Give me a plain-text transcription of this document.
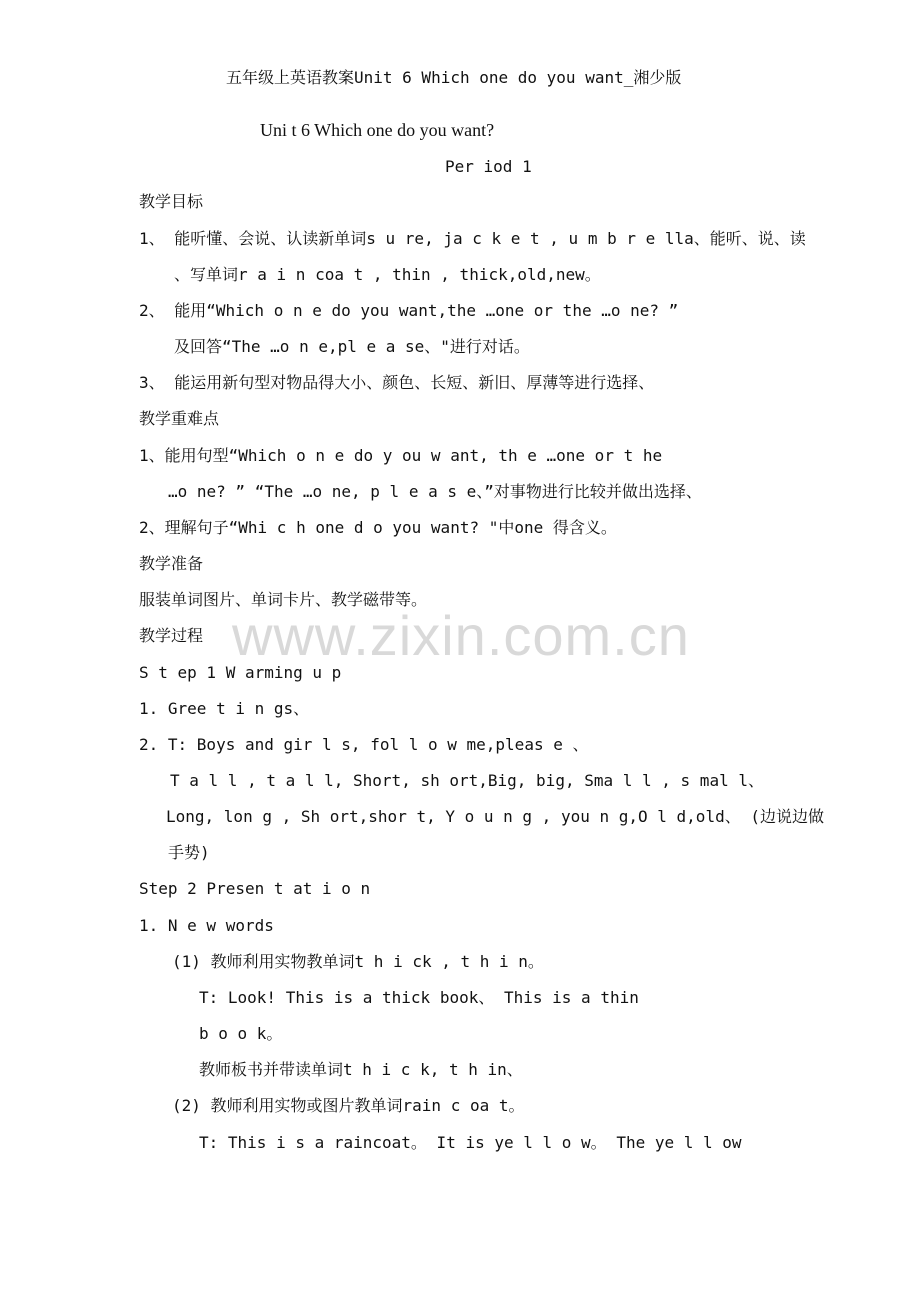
五年级上英语教案Unit 6 Which one do you want_湘少版
Uni t 6 Which one do you want?
Per iod 1
www.zixin.com.cn
教学目标
1、 能听懂、会说、认读新单词s u re, ja c k e t , u m b r e lla、能听、说、读
、写单词r a i n coa t , thin , thick,old,new。
2、 能用“Which o n e do you want,the …one or the …o ne? ”
及回答“The …o n e,pl e a se、"进行对话。
3、 能运用新句型对物品得大小、颜色、长短、新旧、厚薄等进行选择、
教学重难点
1、能用句型“Which o n e do y ou w ant, th e …one or t he
…o ne? ” “The …o ne, p l e a s e、”对事物进行比较并做出选择、
2、理解句子“Whi c h one d o you want? "中one 得含义。
教学准备
服装单词图片、单词卡片、教学磁带等。
教学过程
S t ep 1 W arming u p
1. Gree t i n gs、
2. T: Boys and gir l s, fol l o w me,pleas e 、
T a l l , t a l l, Short, sh ort,Big, big, Sma l l , s mal l、
Long, lon g , Sh ort,shor t, Y o u n g , you n g,O l d,old、 (边说边做
手势)
Step 2 Presen t at i o n
1. N e w words
(1) 教师利用实物教单词t h i ck , t h i n。
T: Look! This is a thick book、 This is a thin
b o o k。
教师板书并带读单词t h i c k, t h in、
(2) 教师利用实物或图片教单词rain c oa t。
T: This i s a raincoat。 It is ye l l o w。 The ye l l ow
